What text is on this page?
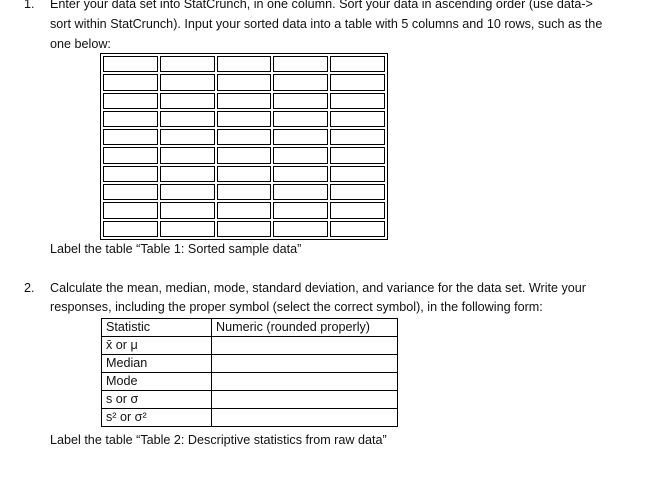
1. Enter your data set into StatCrunch, in one column. Sort your data in ascending order (use data->
sort within StatCrunch). Input your sorted data into a table with 5 columns and 10 rows, such as the
one below:
Label the table “Table 1: Sorted sample data”
2. Calculate the mean, median, mode, standard deviation, and variance for the data set. Write your
responses, including the proper symbol (select the correct symbol), in the following form:
Statistic	Numeric (rounded properly)
x̄ or μ	
Median	
Mode	
s or σ	
s² or σ²	
Label the table “Table 2: Descriptive statistics from raw data”
